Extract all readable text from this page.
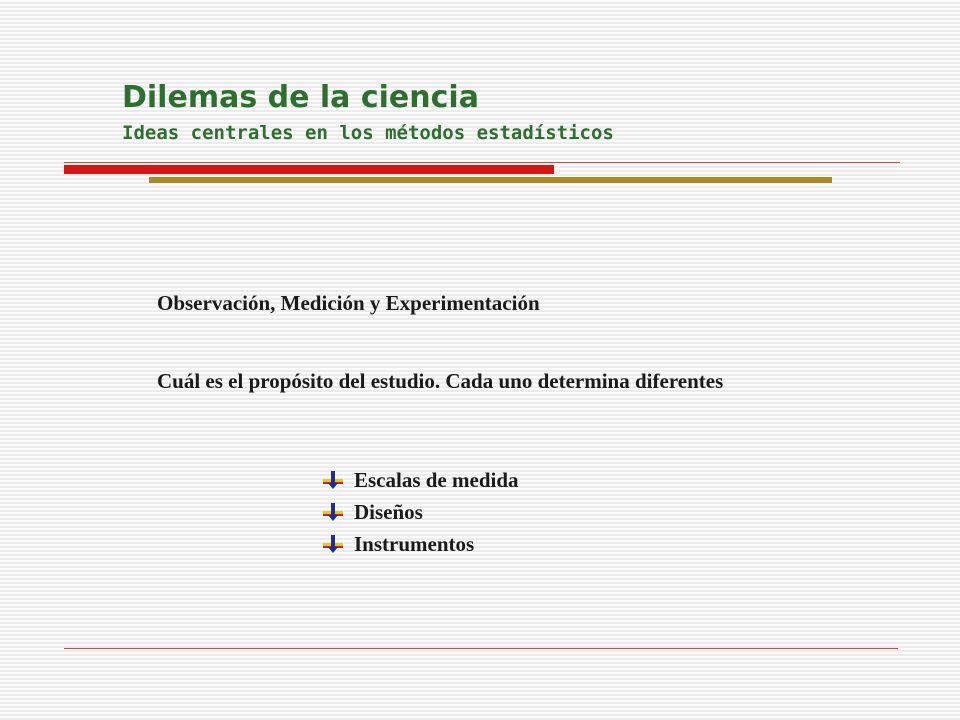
Dilemas de la ciencia
Ideas centrales en los métodos estadísticos

Observación, Medición y Experimentación

Cuál es el propósito del estudio. Cada uno determina diferentes

Escalas de medida
Diseños
Instrumentos
